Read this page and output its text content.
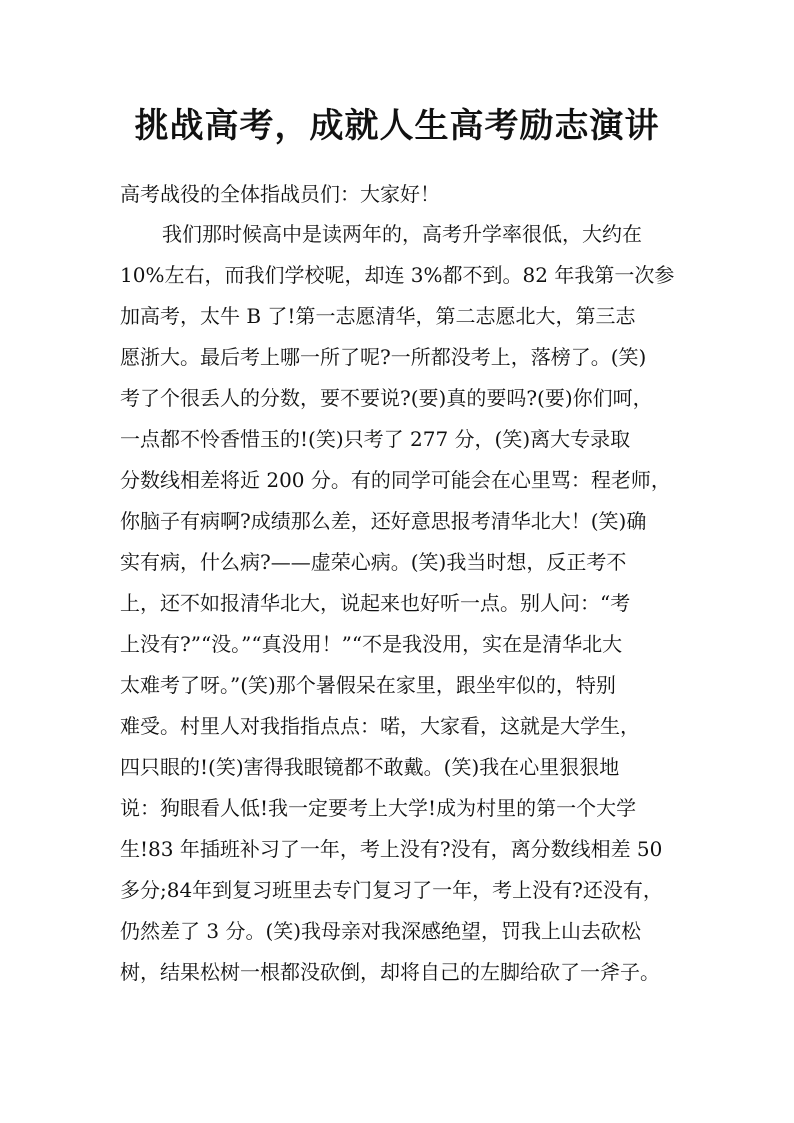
挑战高考，成就人生高考励志演讲
高考战役的全体指战员们：大家好！
我们那时候高中是读两年的，高考升学率很低，大约在
10%左右，而我们学校呢，却连 3%都不到。82 年我第一次参
加高考，太牛 B 了!第一志愿清华，第二志愿北大，第三志
愿浙大。最后考上哪一所了呢?一所都没考上，落榜了。(笑)
考了个很丢人的分数，要不要说?(要)真的要吗?(要)你们呵，
一点都不怜香惜玉的!(笑)只考了 277 分，(笑)离大专录取
分数线相差将近 200 分。有的同学可能会在心里骂：程老师，
你脑子有病啊?成绩那么差，还好意思报考清华北大！(笑)确
实有病，什么病?——虚荣心病。(笑)我当时想，反正考不
上，还不如报清华北大，说起来也好听一点。别人问：“考
上没有?”“没。”“真没用！”“不是我没用，实在是清华北大
太难考了呀。”(笑)那个暑假呆在家里，跟坐牢似的，特别
难受。村里人对我指指点点：喏，大家看，这就是大学生，
四只眼的!(笑)害得我眼镜都不敢戴。(笑)我在心里狠狠地
说：狗眼看人低!我一定要考上大学!成为村里的第一个大学
生!83 年插班补习了一年，考上没有?没有，离分数线相差 50
多分;84年到复习班里去专门复习了一年，考上没有?还没有，
仍然差了 3 分。(笑)我母亲对我深感绝望，罚我上山去砍松
树，结果松树一根都没砍倒，却将自己的左脚给砍了一斧子。
